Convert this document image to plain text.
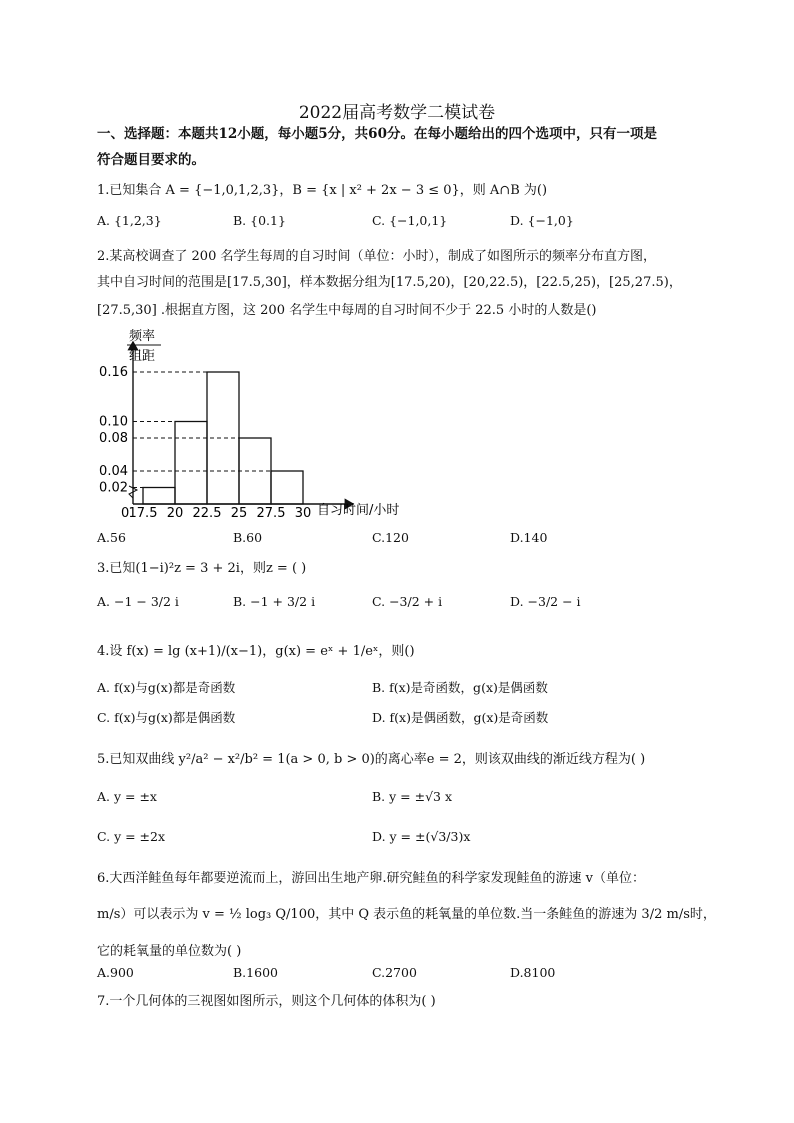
2022届高考数学二模试卷
一、选择题：本题共12小题，每小题5分，共60分。在每小题给出的四个选项中，只有一项是
符合题目要求的。
1.已知集合 A = {−1,0,1,2,3}，B = {x | x² + 2x − 3 ≤ 0}，则 A∩B 为()
A. {1,2,3}	B. {0.1}	C. {−1,0,1}	D. {−1,0}
2.某高校调查了 200 名学生每周的自习时间（单位：小时），制成了如图所示的频率分布直方图，
其中自习时间的范围是[17.5,30]，样本数据分组为[17.5,20)，[20,22.5)，[22.5,25)，[25,27.5)，
[27.5,30] .根据直方图，这 200 名学生中每周的自习时间不少于 22.5 小时的人数是()
频率
组距
0.16
0.10
0.08
0.04
0.02
17.5 20 22.5 25 27.5 30
0	自习时间/小时
A.56	B.60	C.120	D.140
3.已知(1−i)²z = 3 + 2i，则z = ( )
A. −1 − 3/2 i	B. −1 + 3/2 i	C. −3/2 + i	D. −3/2 − i
4.设 f(x) = lg (x+1)/(x−1)，g(x) = eˣ + 1/eˣ，则()
A. f(x)与g(x)都是奇函数	B. f(x)是奇函数，g(x)是偶函数
C. f(x)与g(x)都是偶函数	D. f(x)是偶函数，g(x)是奇函数
5.已知双曲线 y²/a² − x²/b² = 1(a > 0, b > 0)的离心率e = 2，则该双曲线的渐近线方程为( )
A. y = ±x	B. y = ±√3 x
C. y = ±2x	D. y = ±(√3/3)x
6.大西洋鲑鱼每年都要逆流而上，游回出生地产卵.研究鲑鱼的科学家发现鲑鱼的游速 v（单位：
m/s）可以表示为 v = ½ log₃ Q/100，其中 Q 表示鱼的耗氧量的单位数.当一条鲑鱼的游速为 3/2 m/s时，
它的耗氧量的单位数为( )
A.900	B.1600	C.2700	D.8100
7.一个几何体的三视图如图所示，则这个几何体的体积为( )
